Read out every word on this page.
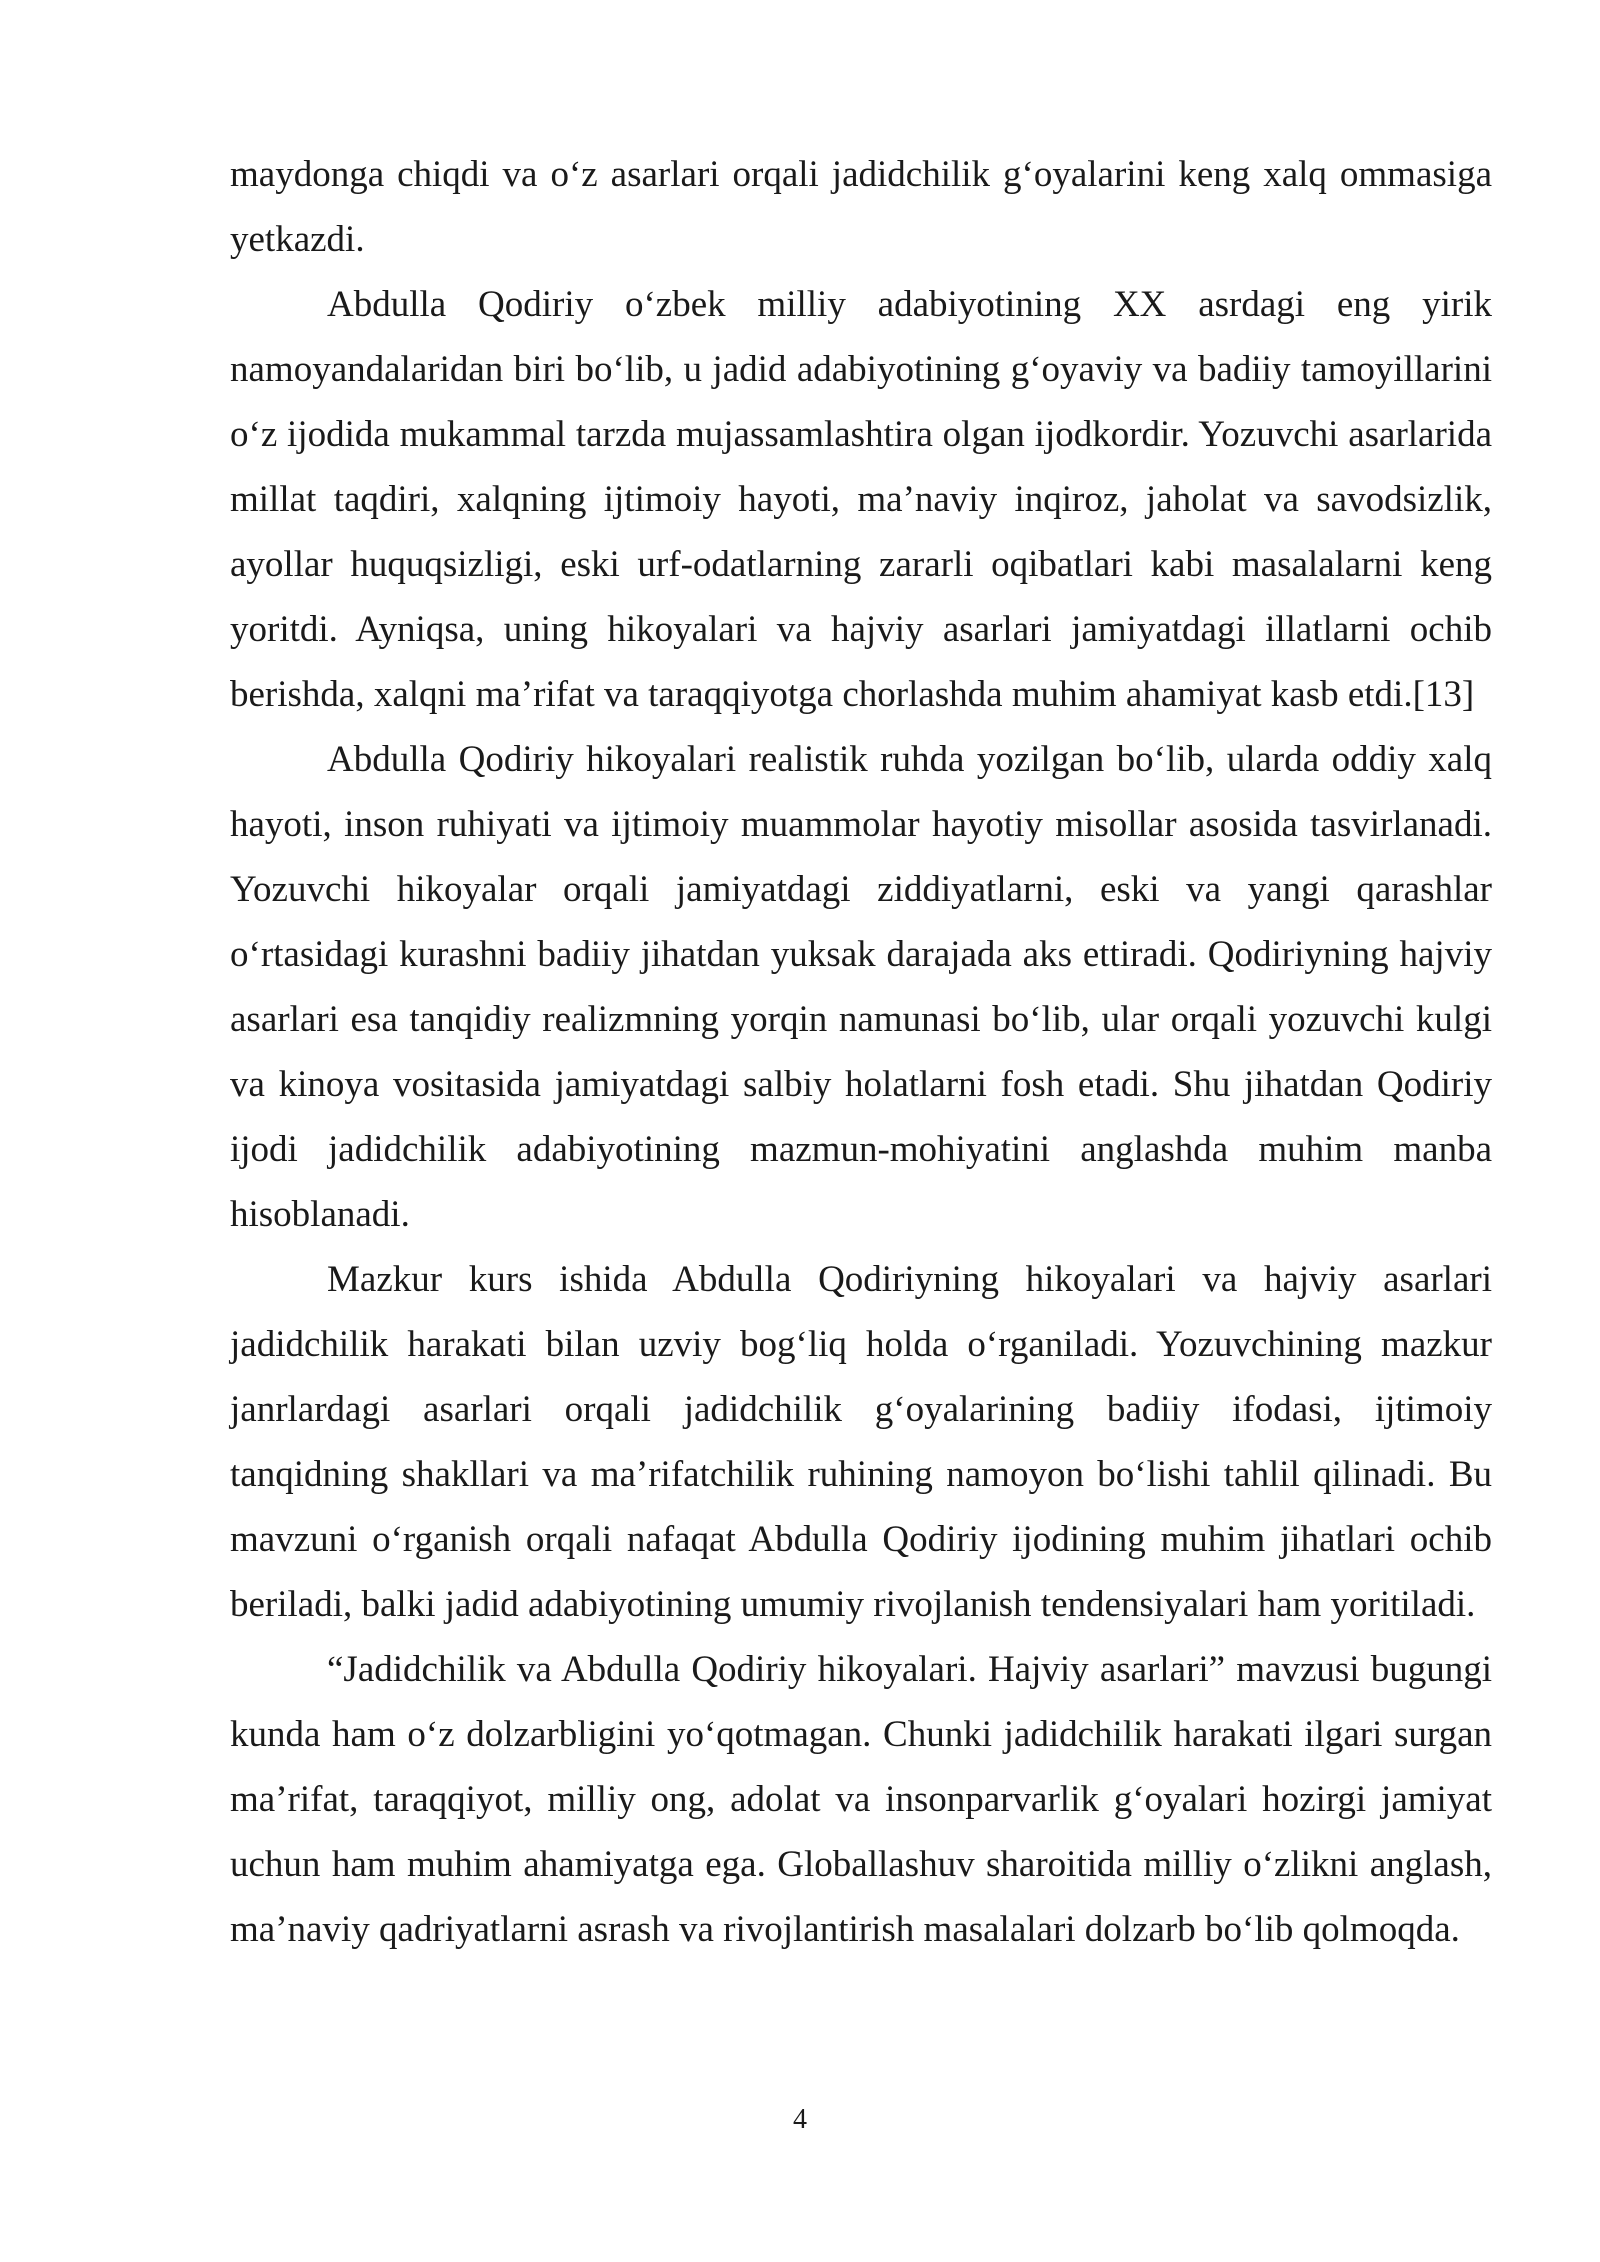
maydonga chiqdi va o‘z asarlari orqali jadidchilik g‘oyalarini keng xalq ommasiga yetkazdi.

Abdulla Qodiriy o‘zbek milliy adabiyotining XX asrdagi eng yirik namoyandalaridan biri bo‘lib, u jadid adabiyotining g‘oyaviy va badiiy tamoyillarini o‘z ijodida mukammal tarzda mujassamlashtira olgan ijodkordir. Yozuvchi asarlarida millat taqdiri, xalqning ijtimoiy hayoti, ma’naviy inqiroz, jaholat va savodsizlik, ayollar huquqsizligi, eski urf-odatlarning zararli oqibatlari kabi masalalarni keng yoritdi. Ayniqsa, uning hikoyalari va hajviy asarlari jamiyatdagi illatlarni ochib berishda, xalqni ma’rifat va taraqqiyotga chorlashda muhim ahamiyat kasb etdi.[13]

Abdulla Qodiriy hikoyalari realistik ruhda yozilgan bo‘lib, ularda oddiy xalq hayoti, inson ruhiyati va ijtimoiy muammolar hayotiy misollar asosida tasvirlanadi. Yozuvchi hikoyalar orqali jamiyatdagi ziddiyatlarni, eski va yangi qarashlar o‘rtasidagi kurashni badiiy jihatdan yuksak darajada aks ettiradi. Qodiriyning hajviy asarlari esa tanqidiy realizmning yorqin namunasi bo‘lib, ular orqali yozuvchi kulgi va kinoya vositasida jamiyatdagi salbiy holatlarni fosh etadi. Shu jihatdan Qodiriy ijodi jadidchilik adabiyotining mazmun-mohiyatini anglashda muhim manba hisoblanadi.

Mazkur kurs ishida Abdulla Qodiriyning hikoyalari va hajviy asarlari jadidchilik harakati bilan uzviy bog‘liq holda o‘rganiladi. Yozuvchining mazkur janrlardagi asarlari orqali jadidchilik g‘oyalarining badiiy ifodasi, ijtimoiy tanqidning shakllari va ma’rifatchilik ruhining namoyon bo‘lishi tahlil qilinadi. Bu mavzuni o‘rganish orqali nafaqat Abdulla Qodiriy ijodining muhim jihatlari ochib beriladi, balki jadid adabiyotining umumiy rivojlanish tendensiyalari ham yoritiladi.

“Jadidchilik va Abdulla Qodiriy hikoyalari. Hajviy asarlari” mavzusi bugungi kunda ham o‘z dolzarbligini yo‘qotmagan. Chunki jadidchilik harakati ilgari surgan ma’rifat, taraqqiyot, milliy ong, adolat va insonparvarlik g‘oyalari hozirgi jamiyat uchun ham muhim ahamiyatga ega. Globallashuv sharoitida milliy o‘zlikni anglash, ma’naviy qadriyatlarni asrash va rivojlantirish masalalari dolzarb bo‘lib qolmoqda.

4
